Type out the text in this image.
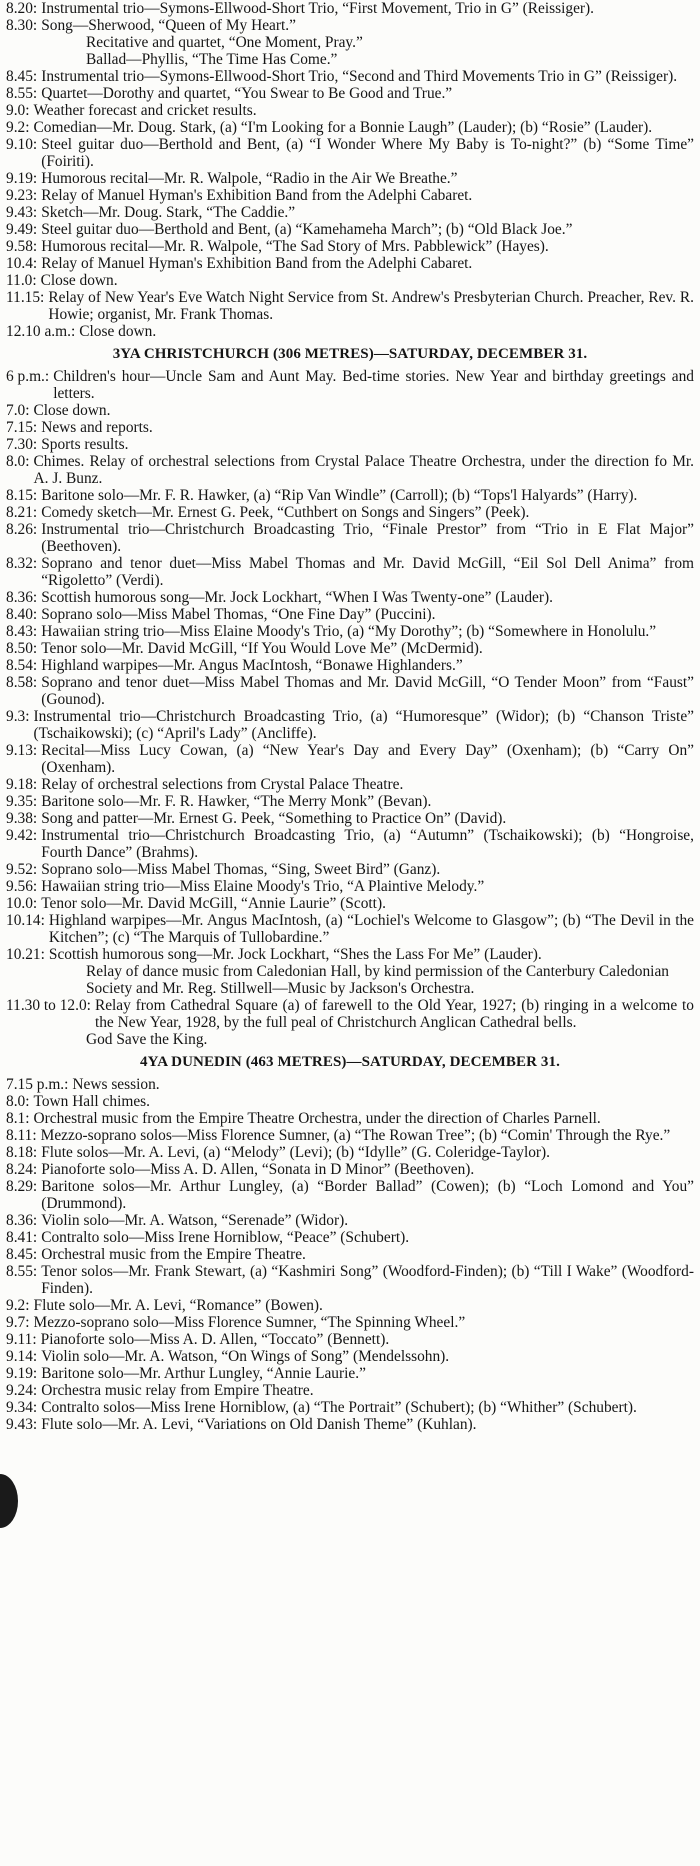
8.20: Instrumental trio—Symons-Ellwood-Short Trio, “First Movement, Trio in G” (Reissiger).
8.30: Song—Sherwood, “Queen of My Heart.”
Recitative and quartet, “One Moment, Pray.”
Ballad—Phyllis, “The Time Has Come.”
8.45: Instrumental trio—Symons-Ellwood-Short Trio, “Second and Third Movements Trio in G” (Reissiger).
8.55: Quartet—Dorothy and quartet, “You Swear to Be Good and True.”
9.0: Weather forecast and cricket results.
9.2: Comedian—Mr. Doug. Stark, (a) “I'm Looking for a Bonnie Laugh” (Lauder); (b) “Rosie” (Lauder).
9.10: Steel guitar duo—Berthold and Bent, (a) “I Wonder Where My Baby is To-night?” (b) “Some Time” (Foiriti).
9.19: Humorous recital—Mr. R. Walpole, “Radio in the Air We Breathe.”
9.23: Relay of Manuel Hyman's Exhibition Band from the Adelphi Cabaret.
9.43: Sketch—Mr. Doug. Stark, “The Caddie.”
9.49: Steel guitar duo—Berthold and Bent, (a) “Kamehameha March”; (b) “Old Black Joe.”
9.58: Humorous recital—Mr. R. Walpole, “The Sad Story of Mrs. Pabblewick” (Hayes).
10.4: Relay of Manuel Hyman's Exhibition Band from the Adelphi Cabaret.
11.0: Close down.
11.15: Relay of New Year's Eve Watch Night Service from St. Andrew's Presbyterian Church. Preacher, Rev. R. Howie; organist, Mr. Frank Thomas.
12.10 a.m.: Close down.
3YA CHRISTCHURCH (306 METRES)—SATURDAY, DECEMBER 31.
6 p.m.: Children's hour—Uncle Sam and Aunt May. Bed-time stories. New Year and birthday greetings and letters.
7.0: Close down.
7.15: News and reports.
7.30: Sports results.
8.0: Chimes. Relay of orchestral selections from Crystal Palace Theatre Orchestra, under the direction fo Mr. A. J. Bunz.
8.15: Baritone solo—Mr. F. R. Hawker, (a) “Rip Van Windle” (Carroll); (b) “Tops'l Halyards” (Harry).
8.21: Comedy sketch—Mr. Ernest G. Peek, “Cuthbert on Songs and Singers” (Peek).
8.26: Instrumental trio—Christchurch Broadcasting Trio, “Finale Prestor” from “Trio in E Flat Major” (Beethoven).
8.32: Soprano and tenor duet—Miss Mabel Thomas and Mr. David McGill, “Eil Sol Dell Anima” from “Rigoletto” (Verdi).
8.36: Scottish humorous song—Mr. Jock Lockhart, “When I Was Twenty-one” (Lauder).
8.40: Soprano solo—Miss Mabel Thomas, “One Fine Day” (Puccini).
8.43: Hawaiian string trio—Miss Elaine Moody's Trio, (a) “My Dorothy”; (b) “Somewhere in Honolulu.”
8.50: Tenor solo—Mr. David McGill, “If You Would Love Me” (McDermid).
8.54: Highland warpipes—Mr. Angus MacIntosh, “Bonawe Highlanders.”
8.58: Soprano and tenor duet—Miss Mabel Thomas and Mr. David McGill, “O Tender Moon” from “Faust” (Gounod).
9.3: Instrumental trio—Christchurch Broadcasting Trio, (a) “Humoresque” (Widor); (b) “Chanson Triste” (Tschaikowski); (c) “April's Lady” (Ancliffe).
9.13: Recital—Miss Lucy Cowan, (a) “New Year's Day and Every Day” (Oxenham); (b) “Carry On” (Oxenham).
9.18: Relay of orchestral selections from Crystal Palace Theatre.
9.35: Baritone solo—Mr. F. R. Hawker, “The Merry Monk” (Bevan).
9.38: Song and patter—Mr. Ernest G. Peek, “Something to Practice On” (David).
9.42: Instrumental trio—Christchurch Broadcasting Trio, (a) “Autumn” (Tschaikowski); (b) “Hongroise, Fourth Dance” (Brahms).
9.52: Soprano solo—Miss Mabel Thomas, “Sing, Sweet Bird” (Ganz).
9.56: Hawaiian string trio—Miss Elaine Moody's Trio, “A Plaintive Melody.”
10.0: Tenor solo—Mr. David McGill, “Annie Laurie” (Scott).
10.14: Highland warpipes—Mr. Angus MacIntosh, (a) “Lochiel's Welcome to Glasgow”; (b) “The Devil in the Kitchen”; (c) “The Marquis of Tullobardine.”
10.21: Scottish humorous song—Mr. Jock Lockhart, “Shes the Lass For Me” (Lauder).
Relay of dance music from Caledonian Hall, by kind permission of the Canterbury Caledonian Society and Mr. Reg. Stillwell—Music by Jackson's Orchestra.
11.30 to 12.0: Relay from Cathedral Square (a) of farewell to the Old Year, 1927; (b) ringing in a welcome to the New Year, 1928, by the full peal of Christchurch Anglican Cathedral bells.
God Save the King.
4YA DUNEDIN (463 METRES)—SATURDAY, DECEMBER 31.
7.15 p.m.: News session.
8.0: Town Hall chimes.
8.1: Orchestral music from the Empire Theatre Orchestra, under the direction of Charles Parnell.
8.11: Mezzo-soprano solos—Miss Florence Sumner, (a) “The Rowan Tree”; (b) “Comin' Through the Rye.”
8.18: Flute solos—Mr. A. Levi, (a) “Melody” (Levi); (b) “Idylle” (G. Coleridge-Taylor).
8.24: Pianoforte solo—Miss A. D. Allen, “Sonata in D Minor” (Beethoven).
8.29: Baritone solos—Mr. Arthur Lungley, (a) “Border Ballad” (Cowen); (b) “Loch Lomond and You” (Drummond).
8.36: Violin solo—Mr. A. Watson, “Serenade” (Widor).
8.41: Contralto solo—Miss Irene Horniblow, “Peace” (Schubert).
8.45: Orchestral music from the Empire Theatre.
8.55: Tenor solos—Mr. Frank Stewart, (a) “Kashmiri Song” (Woodford-Finden); (b) “Till I Wake” (Woodford-Finden).
9.2: Flute solo—Mr. A. Levi, “Romance” (Bowen).
9.7: Mezzo-soprano solo—Miss Florence Sumner, “The Spinning Wheel.”
9.11: Pianoforte solo—Miss A. D. Allen, “Toccato” (Bennett).
9.14: Violin solo—Mr. A. Watson, “On Wings of Song” (Mendelssohn).
9.19: Baritone solo—Mr. Arthur Lungley, “Annie Laurie.”
9.24: Orchestra music relay from Empire Theatre.
9.34: Contralto solos—Miss Irene Horniblow, (a) “The Portrait” (Schubert); (b) “Whither” (Schubert).
9.43: Flute solo—Mr. A. Levi, “Variations on Old Danish Theme” (Kuhlan).
